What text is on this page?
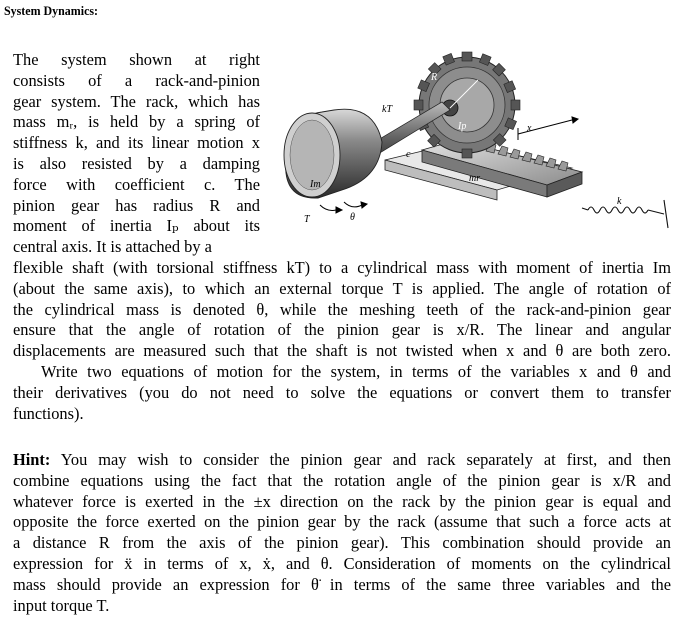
System Dynamics:
R
Ip
kT
x
c
mr
Im
k
T	θ
The system shown at right
consists of a rack-and-pinion
gear system. The rack, which has
mass mᵣ, is held by a spring of
stiffness k, and its linear motion x
is also resisted by a damping
force with coefficient c. The
pinion gear has radius R and
moment of inertia Iₚ about its
central axis. It is attached by a
flexible shaft (with torsional stiffness kT) to a cylindrical mass with moment of inertia Im
(about the same axis), to which an external torque T is applied. The angle of rotation of
the cylindrical mass is denoted θ, while the meshing teeth of the rack-and-pinion gear
ensure that the angle of rotation of the pinion gear is x/R. The linear and angular
displacements are measured such that the shaft is not twisted when x and θ are both zero.
Write two equations of motion for the system, in terms of the variables x and θ and
their derivatives (you do not need to solve the equations or convert them to transfer
functions).
Hint: You may wish to consider the pinion gear and rack separately at first, and then
combine equations using the fact that the rotation angle of the pinion gear is x/R and
whatever force is exerted in the ±x direction on the rack by the pinion gear is equal and
opposite the force exerted on the pinion gear by the rack (assume that such a force acts at
a distance R from the axis of the pinion gear). This combination should provide an
expression for ẍ in terms of x, ẋ, and θ. Consideration of moments on the cylindrical
mass should provide an expression for θ̈ in terms of the same three variables and the
input torque T.
